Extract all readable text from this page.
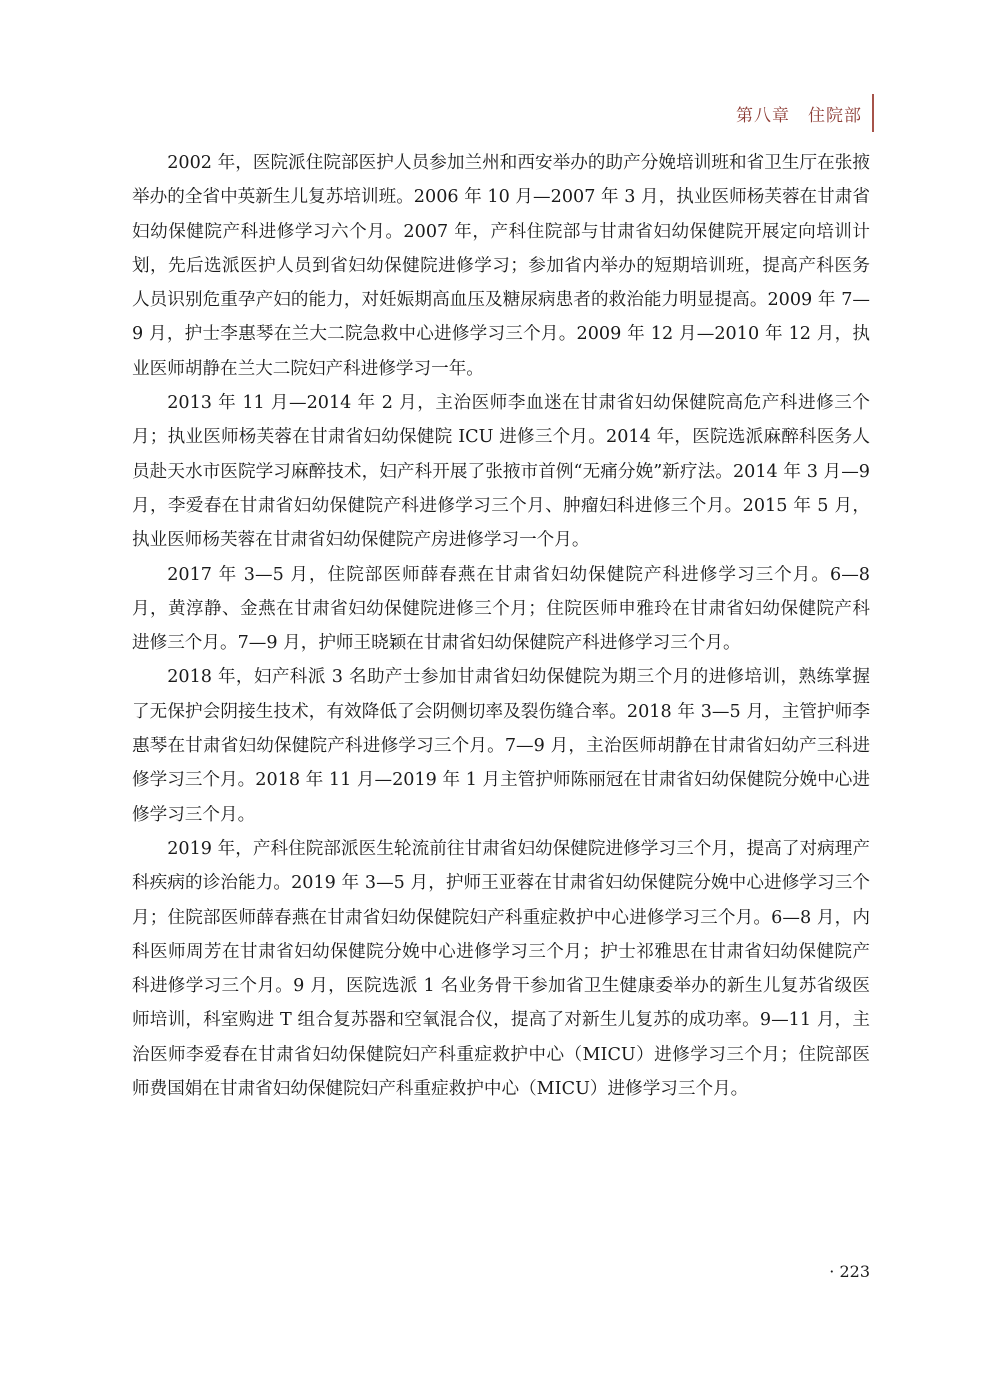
第八章　住院部

2002 年，医院派住院部医护人员参加兰州和西安举办的助产分娩培训班和省卫生厅在张掖举办的全省中英新生儿复苏培训班。2006 年 10 月—2007 年 3 月，执业医师杨芙蓉在甘肃省妇幼保健院产科进修学习六个月。2007 年，产科住院部与甘肃省妇幼保健院开展定向培训计划，先后选派医护人员到省妇幼保健院进修学习；参加省内举办的短期培训班，提高产科医务人员识别危重孕产妇的能力，对妊娠期高血压及糖尿病患者的救治能力明显提高。2009 年 7—9 月，护士李惠琴在兰大二院急救中心进修学习三个月。2009 年 12 月—2010 年 12 月，执业医师胡静在兰大二院妇产科进修学习一年。

2013 年 11 月—2014 年 2 月，主治医师李血迷在甘肃省妇幼保健院高危产科进修三个月；执业医师杨芙蓉在甘肃省妇幼保健院 ICU 进修三个月。2014 年，医院选派麻醉科医务人员赴天水市医院学习麻醉技术，妇产科开展了张掖市首例“无痛分娩”新疗法。2014 年 3 月—9 月，李爱春在甘肃省妇幼保健院产科进修学习三个月、肿瘤妇科进修三个月。2015 年 5 月，执业医师杨芙蓉在甘肃省妇幼保健院产房进修学习一个月。

2017 年 3—5 月，住院部医师薛春燕在甘肃省妇幼保健院产科进修学习三个月。6—8 月，黄淳静、金燕在甘肃省妇幼保健院进修三个月；住院医师申雅玲在甘肃省妇幼保健院产科进修三个月。7—9 月，护师王晓颖在甘肃省妇幼保健院产科进修学习三个月。

2018 年，妇产科派 3 名助产士参加甘肃省妇幼保健院为期三个月的进修培训，熟练掌握了无保护会阴接生技术，有效降低了会阴侧切率及裂伤缝合率。2018 年 3—5 月，主管护师李惠琴在甘肃省妇幼保健院产科进修学习三个月。7—9 月，主治医师胡静在甘肃省妇幼产三科进修学习三个月。2018 年 11 月—2019 年 1 月主管护师陈丽冠在甘肃省妇幼保健院分娩中心进修学习三个月。

2019 年，产科住院部派医生轮流前往甘肃省妇幼保健院进修学习三个月，提高了对病理产科疾病的诊治能力。2019 年 3—5 月，护师王亚蓉在甘肃省妇幼保健院分娩中心进修学习三个月；住院部医师薛春燕在甘肃省妇幼保健院妇产科重症救护中心进修学习三个月。6—8 月，内科医师周芳在甘肃省妇幼保健院分娩中心进修学习三个月；护士祁雅思在甘肃省妇幼保健院产科进修学习三个月。9 月，医院选派 1 名业务骨干参加省卫生健康委举办的新生儿复苏省级医师培训，科室购进 T 组合复苏器和空氧混合仪，提高了对新生儿复苏的成功率。9—11 月，主治医师李爱春在甘肃省妇幼保健院妇产科重症救护中心（MICU）进修学习三个月；住院部医师费国娟在甘肃省妇幼保健院妇产科重症救护中心（MICU）进修学习三个月。

· 223
